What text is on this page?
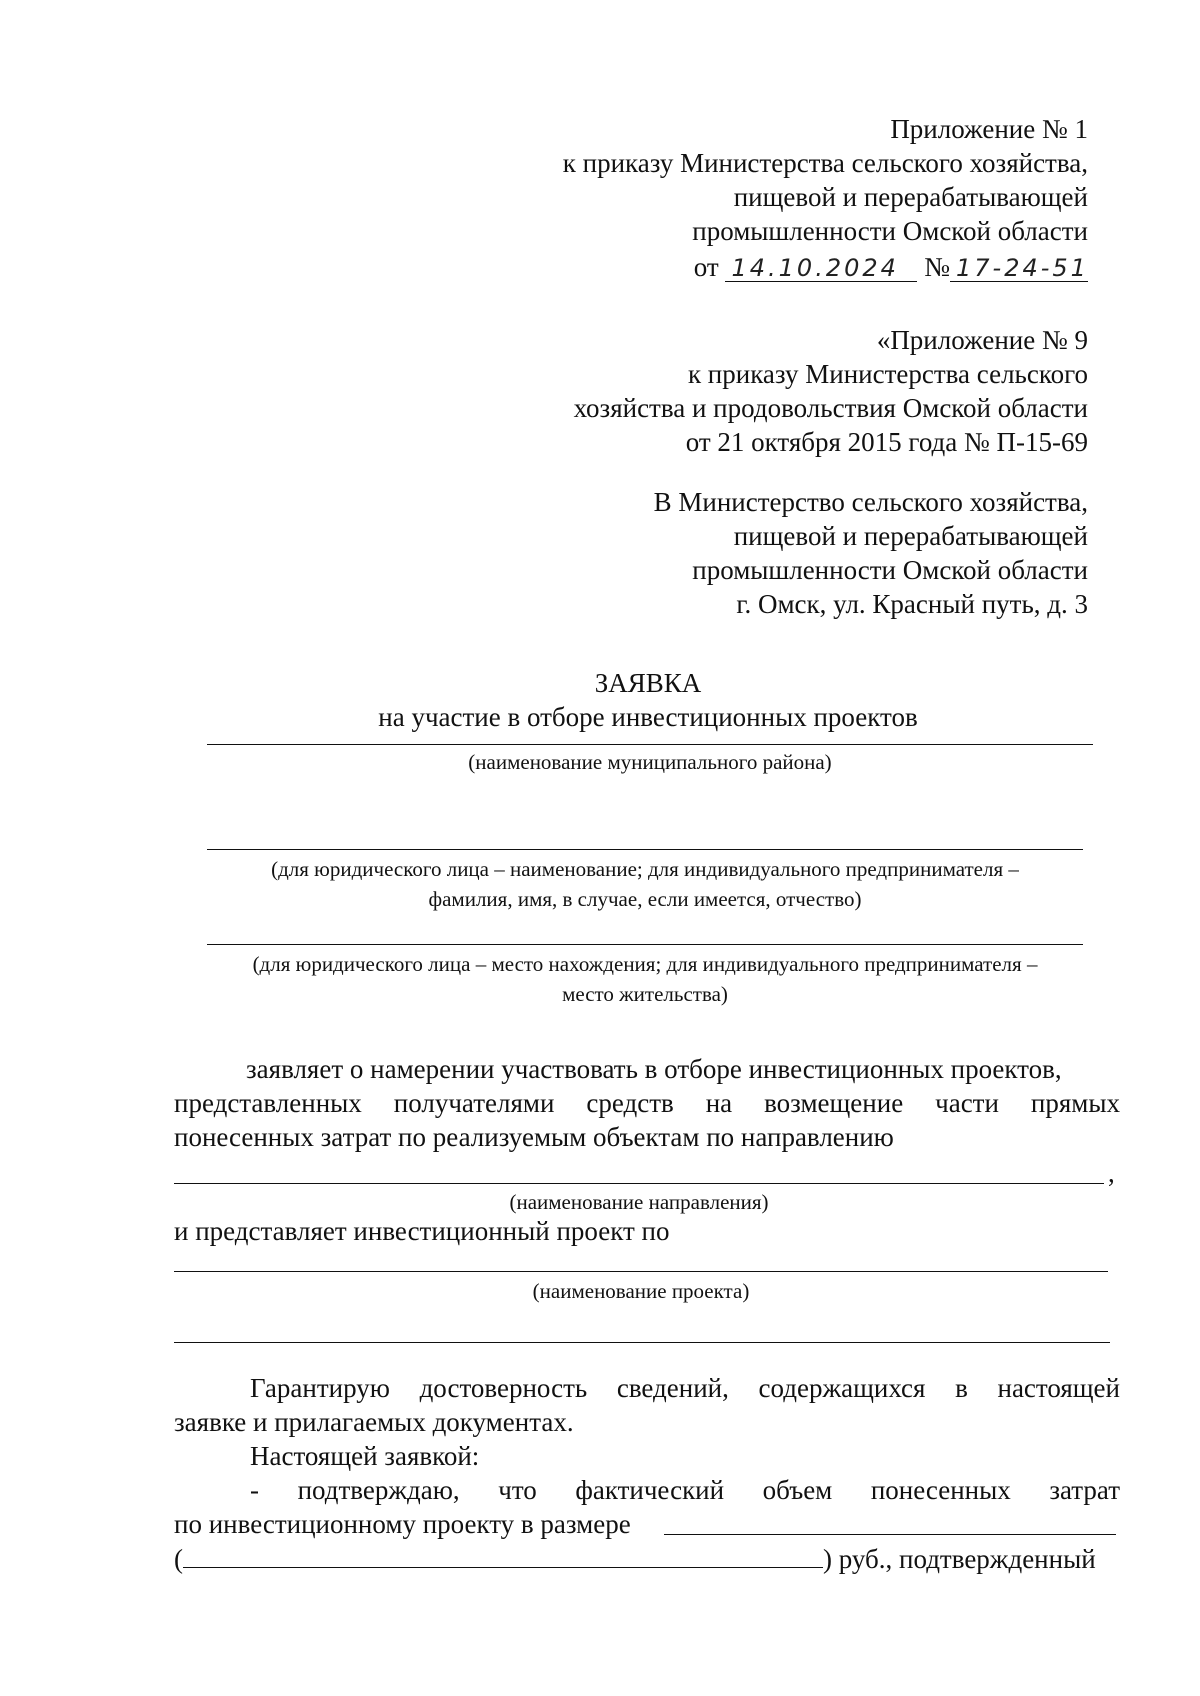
Приложение № 1
к приказу Министерства сельского хозяйства,
пищевой и перерабатывающей
промышленности Омской области
от 14.10.2024 № 17-24-51
«Приложение № 9
к приказу Министерства сельского
хозяйства и продовольствия Омской области
от 21 октября 2015 года № П-15-69
В Министерство сельского хозяйства,
пищевой и перерабатывающей
промышленности Омской области
г. Омск, ул. Красный путь, д. 3
ЗАЯВКА
на участие в отборе инвестиционных проектов
(наименование муниципального района)
(для юридического лица – наименование; для индивидуального предпринимателя –
фамилия, имя, в случае, если имеется, отчество)
(для юридического лица – место нахождения; для индивидуального предпринимателя –
место жительства)
заявляет о намерении участвовать в отборе инвестиционных проектов,
представленных получателями средств на возмещение части прямых
понесенных затрат по реализуемым объектам по направлению
,
(наименование направления)
и представляет инвестиционный проект по
(наименование проекта)
Гарантирую достоверность сведений, содержащихся в настоящей
заявке и прилагаемых документах.
Настоящей заявкой:
- подтверждаю, что фактический объем понесенных затрат
по инвестиционному проекту в размере
(	) руб., подтвержденный
